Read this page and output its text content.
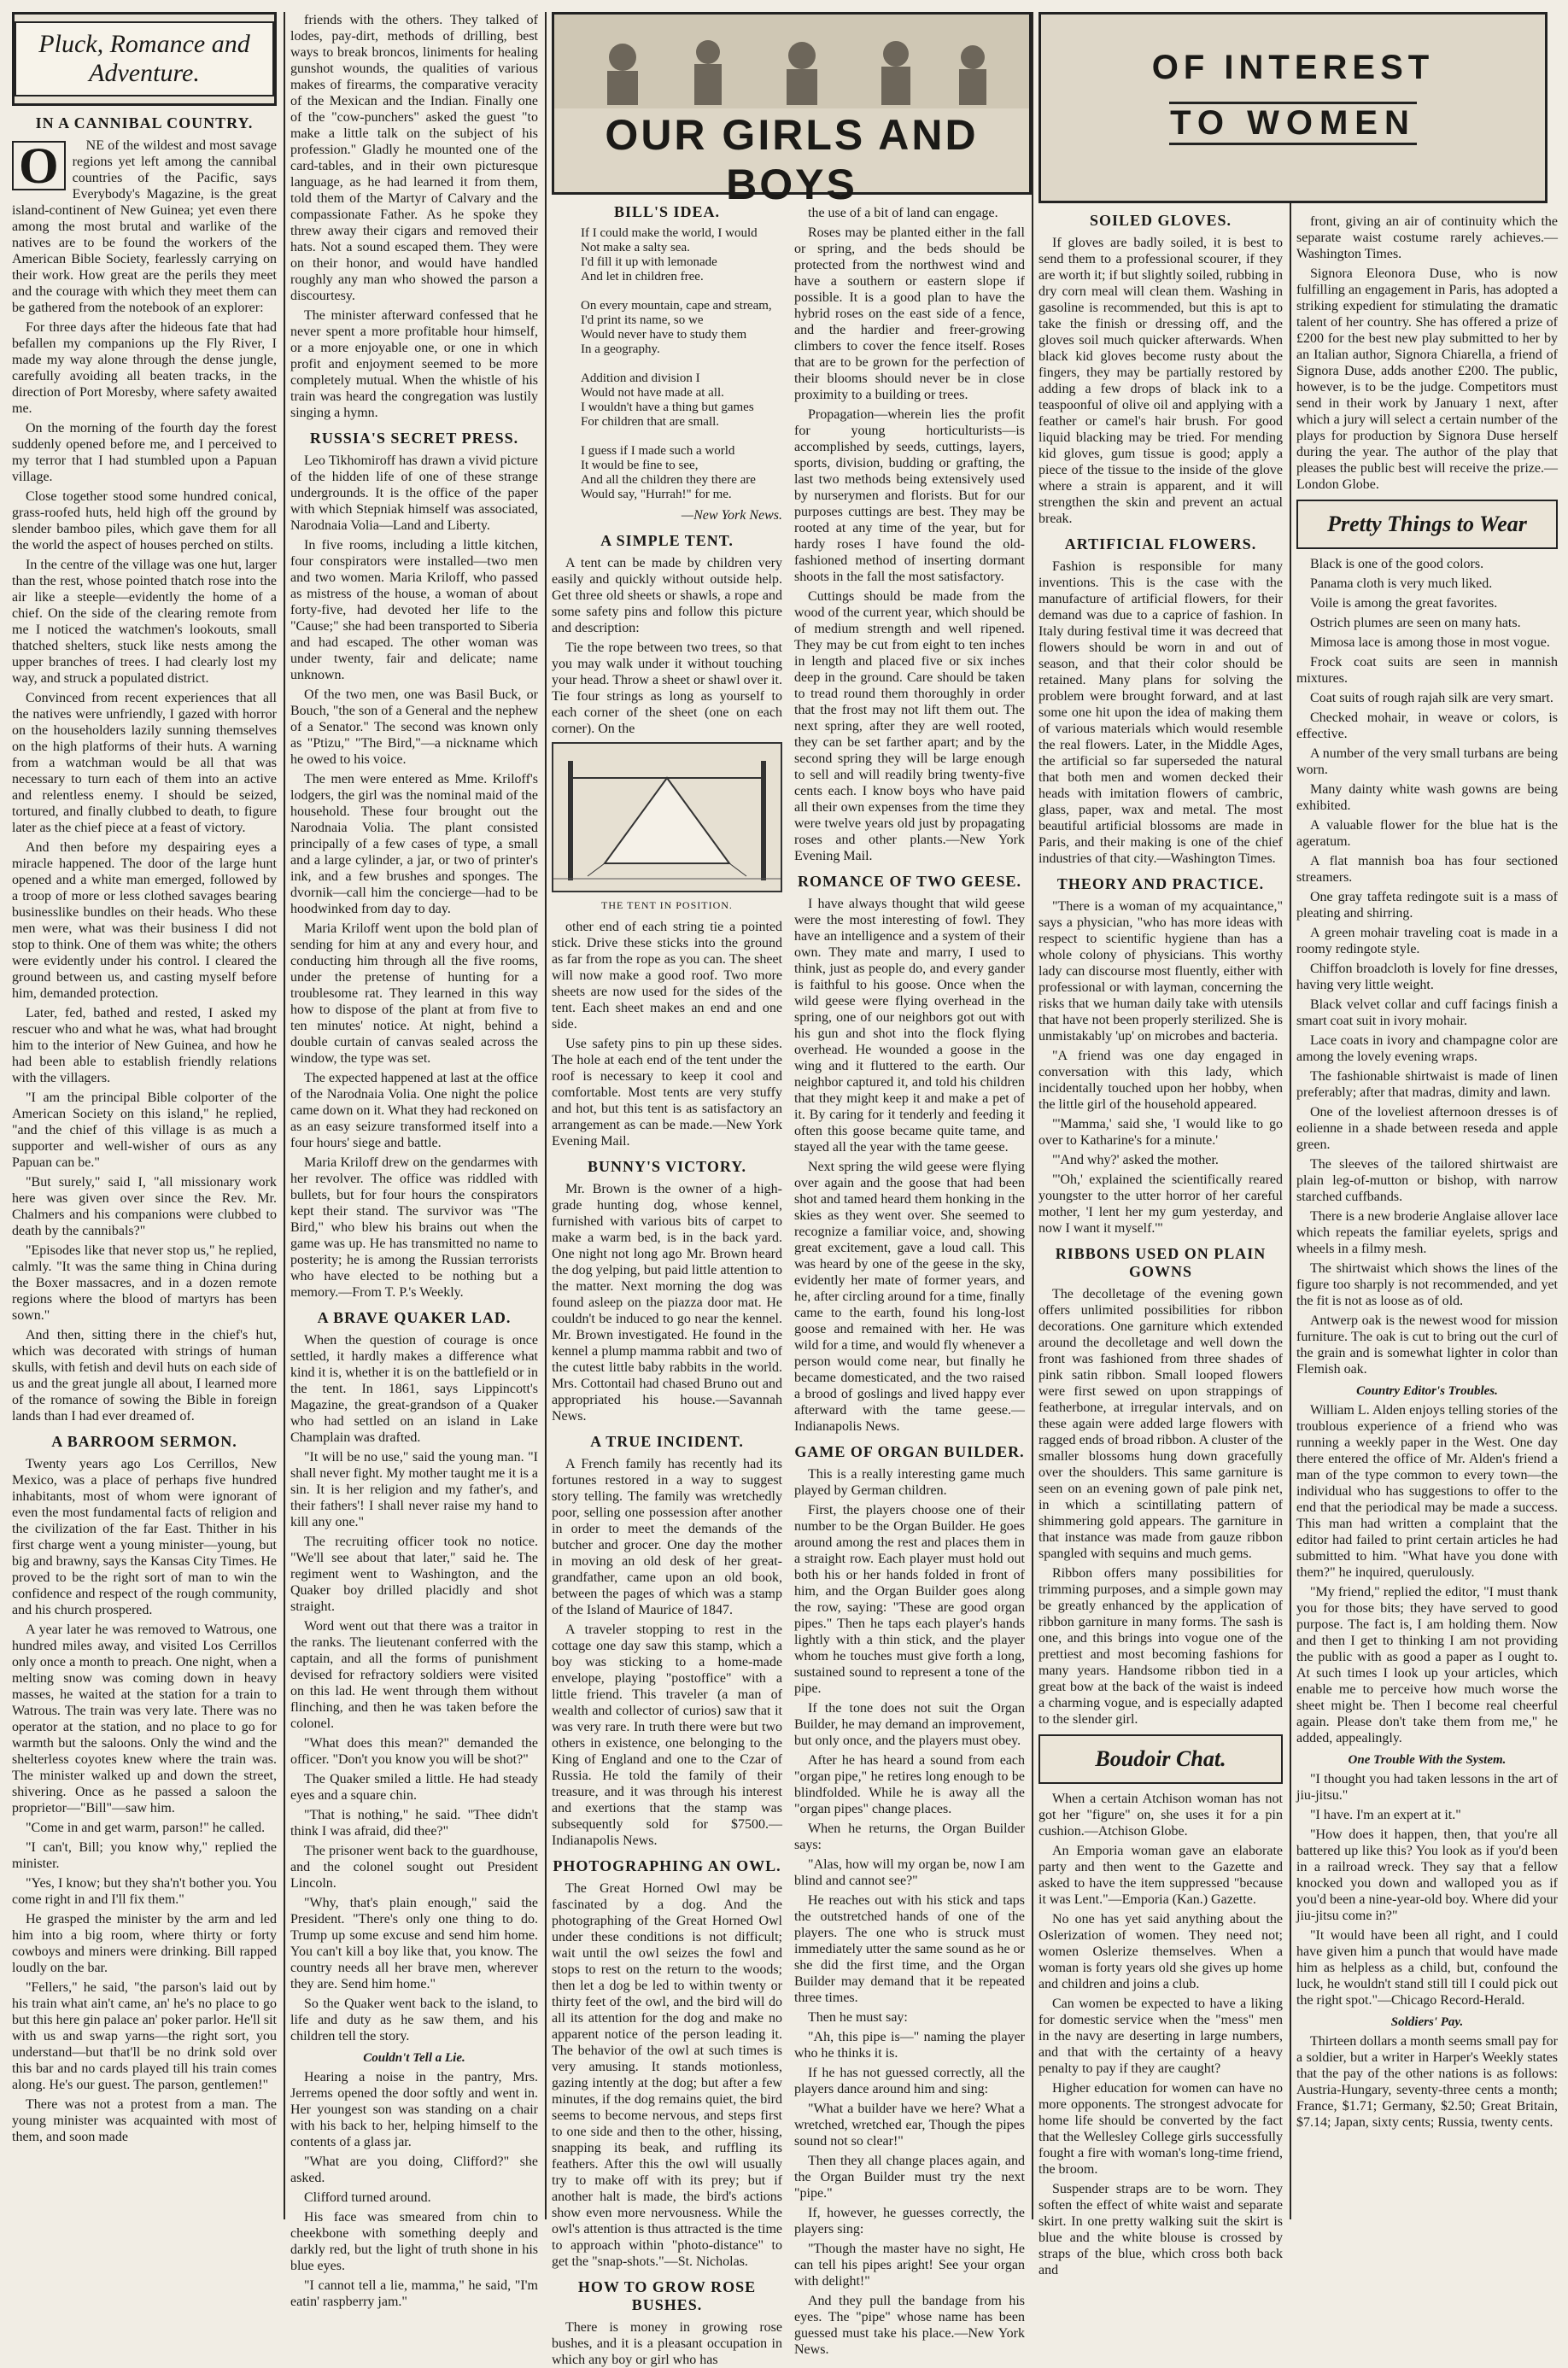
Pluck, Romance and Adventure.
IN A CANNIBAL COUNTRY.
O	NE of the wildest and most savage regions yet left among the cannibal countries of the Pacific, says Everybody's Magazine, is the great island-continent of New Guinea; yet even there among the most brutal and warlike of the natives are to be found the workers of the American Bible Society, fearlessly carrying on their work. How great are the perils they meet and the courage with which they meet them can be gathered from the notebook of an explorer:

For three days after the hideous fate that had befallen my companions up the Fly River, I made my way alone through the dense jungle, carefully avoiding all beaten tracks, in the direction of Port Moresby, where safety awaited me.

On the morning of the fourth day the forest suddenly opened before me, and I perceived to my terror that I had stumbled upon a Papuan village.

Close together stood some hundred conical, grass-roofed huts, held high off the ground by slender bamboo piles, which gave them for all the world the aspect of houses perched on stilts.

In the centre of the village was one hut, larger than the rest, whose pointed thatch rose into the air like a steeple—evidently the home of a chief. On the side of the clearing remote from me I noticed the watchmen's lookouts, small thatched shelters, stuck like nests among the upper branches of trees. I had clearly lost my way, and struck a populated district.

Convinced from recent experiences that all the natives were unfriendly, I gazed with horror on the householders lazily sunning themselves on the high platforms of their huts. A warning from a watchman would be all that was necessary to turn each of them into an active and relentless enemy. I should be seized, tortured, and finally clubbed to death, to figure later as the chief piece at a feast of victory.

And then before my despairing eyes a miracle happened. The door of the large hunt opened and a white man emerged, followed by a troop of more or less clothed savages bearing businesslike bundles on their heads. Who these men were, what was their business I did not stop to think. One of them was white; the others were evidently under his control. I cleared the ground between us, and casting myself before him, demanded protection.

Later, fed, bathed and rested, I asked my rescuer who and what he was, what had brought him to the interior of New Guinea, and how he had been able to establish friendly relations with the villagers.

"I am the principal Bible colporter of the American Society on this island," he replied, "and the chief of this village is as much a supporter and well-wisher of ours as any Papuan can be."

"But surely," said I, "all missionary work here was given over since the Rev. Mr. Chalmers and his companions were clubbed to death by the cannibals?"

"Episodes like that never stop us," he replied, calmly. "It was the same thing in China during the Boxer massacres, and in a dozen remote regions where the blood of martyrs has been sown."

And then, sitting there in the chief's hut, which was decorated with strings of human skulls, with fetish and devil huts on each side of us and the great jungle all about, I learned more of the romance of sowing the Bible in foreign lands than I had ever dreamed of.

A BARROOM SERMON.

Twenty years ago Los Cerrillos, New Mexico, was a place of perhaps five hundred inhabitants, most of whom were ignorant of even the most fundamental facts of religion and the civilization of the far East. Thither in his first charge went a young minister—young, but big and brawny, says the Kansas City Times. He proved to be the right sort of man to win the confidence and respect of the rough community, and his church prospered.

A year later he was removed to Watrous, one hundred miles away, and visited Los Cerrillos only once a month to preach. One night, when a melting snow was coming down in heavy masses, he waited at the station for a train to Watrous. The train was very late. There was no operator at the station, and no place to go for warmth but the saloons. Only the wind and the shelterless coyotes knew where the train was. The minister walked up and down the street, shivering. Once as he passed a saloon the proprietor—"Bill"—saw him.

"Come in and get warm, parson!" he called.

"I can't, Bill; you know why," replied the minister.

"Yes, I know; but they sha'n't bother you. You come right in and I'll fix them."

He grasped the minister by the arm and led him into a big room, where thirty or forty cowboys and miners were drinking. Bill rapped loudly on the bar.

"Fellers," he said, "the parson's laid out by his train what ain't came, an' he's no place to go but this here gin palace an' poker parlor. He'll sit with us and swap yarns—the right sort, you understand—but that'll be no drink sold over this bar and no cards played till his train comes along. He's our guest. The parson, gentlemen!"

There was not a protest from a man. The young minister was acquainted with most of them, and soon made

friends with the others. They talked of lodes, pay-dirt, methods of drilling, best ways to break broncos, liniments for healing gunshot wounds, the qualities of various makes of firearms, the comparative veracity of the Mexican and the Indian. Finally one of the "cow-punchers" asked the guest "to make a little talk on the subject of his profession." Gladly he mounted one of the card-tables, and in their own picturesque language, as he had learned it from them, told them of the Martyr of Calvary and the compassionate Father. As he spoke they threw away their cigars and removed their hats. Not a sound escaped them. They were on their honor, and would have handled roughly any man who showed the parson a discourtesy.

The minister afterward confessed that he never spent a more profitable hour himself, or a more enjoyable one, or one in which profit and enjoyment seemed to be more completely mutual. When the whistle of his train was heard the congregation was lustily singing a hymn.

RUSSIA'S SECRET PRESS.

Leo Tikhomiroff has drawn a vivid picture of the hidden life of one of these strange undergrounds. It is the office of the paper with which Stepniak himself was associated, Narodnaia Volia—Land and Liberty.

In five rooms, including a little kitchen, four conspirators were installed—two men and two women. Maria Kriloff, who passed as mistress of the house, a woman of about forty-five, had devoted her life to the "Cause;" she had been transported to Siberia and had escaped. The other woman was under twenty, fair and delicate; name unknown.

Of the two men, one was Basil Buck, or Bouch, "the son of a General and the nephew of a Senator." The second was known only as "Ptizu," "The Bird,"—a nickname which he owed to his voice.

The men were entered as Mme. Kriloff's lodgers, the girl was the nominal maid of the household. These four brought out the Narodnaia Volia. The plant consisted principally of a few cases of type, a small and a large cylinder, a jar, or two of printer's ink, and a few brushes and sponges. The dvornik—call him the concierge—had to be hoodwinked from day to day.

Maria Kriloff went upon the bold plan of sending for him at any and every hour, and conducting him through all the five rooms, under the pretense of hunting for a troublesome rat. They learned in this way how to dispose of the plant at from five to ten minutes' notice. At night, behind a double curtain of canvas sealed across the window, the type was set.

The expected happened at last at the office of the Narodnaia Volia. One night the police came down on it. What they had reckoned on as an easy seizure transformed itself into a four hours' siege and battle.

Maria Kriloff drew on the gendarmes with her revolver. The office was riddled with bullets, but for four hours the conspirators kept their stand. The survivor was "The Bird," who blew his brains out when the game was up. He has transmitted no name to posterity; he is among the Russian terrorists who have elected to be nothing but a memory.—From T. P.'s Weekly.

A BRAVE QUAKER LAD.

When the question of courage is once settled, it hardly makes a difference what kind it is, whether it is on the battlefield or in the tent. In 1861, says Lippincott's Magazine, the great-grandson of a Quaker who had settled on an island in Lake Champlain was drafted.

"It will be no use," said the young man. "I shall never fight. My mother taught me it is a sin. It is her religion and my father's, and their fathers'! I shall never raise my hand to kill any one."

The recruiting officer took no notice. "We'll see about that later," said he. The regiment went to Washington, and the Quaker boy drilled placidly and shot straight.

Word went out that there was a traitor in the ranks. The lieutenant conferred with the captain, and all the forms of punishment devised for refractory soldiers were visited on this lad. He went through them without flinching, and then he was taken before the colonel.

"What does this mean?" demanded the officer. "Don't you know you will be shot?"

The Quaker smiled a little. He had steady eyes and a square chin.

"That is nothing," he said. "Thee didn't think I was afraid, did thee?"

The prisoner went back to the guardhouse, and the colonel sought out President Lincoln.

"Why, that's plain enough," said the President. "There's only one thing to do. Trump up some excuse and send him home. You can't kill a boy like that, you know. The country needs all her brave men, wherever they are. Send him home."

So the Quaker went back to the island, to life and duty as he saw them, and his children tell the story.

Couldn't Tell a Lie.

Hearing a noise in the pantry, Mrs. Jerrems opened the door softly and went in. Her youngest son was standing on a chair with his back to her, helping himself to the contents of a glass jar.

"What are you doing, Clifford?" she asked.

Clifford turned around.

His face was smeared from chin to cheekbone with something deeply and darkly red, but the light of truth shone in his blue eyes.

"I cannot tell a lie, mamma," he said, "I'm eatin' raspberry jam."

OUR GIRLS AND BOYS
BILL'S IDEA.
If I could make the world, I would
Not make a salty sea.
I'd fill it up with lemonade
And let in children free.

On every mountain, cape and stream,
I'd print its name, so we
Would never have to study them
In a geography.

Addition and division I
Would not have made at all.
I wouldn't have a thing but games
For children that are small.

I guess if I made such a world
It would be fine to see,
And all the children they there are
Would say, "Hurrah!" for me.

—New York News.

A SIMPLE TENT.

A tent can be made by children very easily and quickly without outside help. Get three old sheets or shawls, a rope and some safety pins and follow this picture and description:

Tie the rope between two trees, so that you may walk under it without touching your head. Throw a sheet or shawl over it. Tie four strings as long as yourself to each corner of the sheet (one on each corner). On the

THE TENT IN POSITION.

other end of each string tie a pointed stick. Drive these sticks into the ground as far from the rope as you can. The sheet will now make a good roof. Two more sheets are now used for the sides of the tent. Each sheet makes an end and one side.

Use safety pins to pin up these sides. The hole at each end of the tent under the roof is necessary to keep it cool and comfortable. Most tents are very stuffy and hot, but this tent is as satisfactory an arrangement as can be made.—New York Evening Mail.

BUNNY'S VICTORY.

Mr. Brown is the owner of a high-grade hunting dog, whose kennel, furnished with various bits of carpet to make a warm bed, is in the back yard. One night not long ago Mr. Brown heard the dog yelping, but paid little attention to the matter. Next morning the dog was found asleep on the piazza door mat. He couldn't be induced to go near the kennel. Mr. Brown investigated. He found in the kennel a plump mamma rabbit and two of the cutest little baby rabbits in the world. Mrs. Cottontail had chased Bruno out and appropriated his house.—Savannah News.

A TRUE INCIDENT.

A French family has recently had its fortunes restored in a way to suggest story telling. The family was wretchedly poor, selling one possession after another in order to meet the demands of the butcher and grocer. One day the mother in moving an old desk of her great-grandfather, came upon an old book, between the pages of which was a stamp of the Island of Maurice of 1847.

A traveler stopping to rest in the cottage one day saw this stamp, which a boy was sticking to a home-made envelope, playing "postoffice" with a little friend. This traveler (a man of wealth and collector of curios) saw that it was very rare. In truth there were but two others in existence, one belonging to the King of England and one to the Czar of Russia. He told the family of their treasure, and it was through his interest and exertions that the stamp was subsequently sold for $7500.—Indianapolis News.

PHOTOGRAPHING AN OWL.

The Great Horned Owl may be fascinated by a dog. And the photographing of the Great Horned Owl under these conditions is not difficult; wait until the owl seizes the fowl and stops to rest on the return to the woods; then let a dog be led to within twenty or thirty feet of the owl, and the bird will do all its attention for the dog and make no apparent notice of the person leading it. The behavior of the owl at such times is very amusing. It stands motionless, gazing intently at the dog; but after a few minutes, if the dog remains quiet, the bird seems to become nervous, and steps first to one side and then to the other, hissing, snapping its beak, and ruffling its feathers. After this the owl will usually try to make off with its prey; but if another halt is made, the bird's actions show even more nervousness. While the owl's attention is thus attracted is the time to approach within "photo-distance" to get the "snap-shots."—St. Nicholas.

HOW TO GROW ROSE BUSHES.

There is money in growing rose bushes, and it is a pleasant occupation in which any boy or girl who has

the use of a bit of land can engage.

Roses may be planted either in the fall or spring, and the beds should be protected from the northwest wind and have a southern or eastern slope if possible. It is a good plan to have the hybrid roses on the east side of a fence, and the hardier and freer-growing climbers to cover the fence itself. Roses that are to be grown for the perfection of their blooms should never be in close proximity to a building or trees.

Propagation—wherein lies the profit for young horticulturists—is accomplished by seeds, cuttings, layers, sports, division, budding or grafting, the last two methods being extensively used by nurserymen and florists. But for our purposes cuttings are best. They may be rooted at any time of the year, but for hardy roses I have found the old-fashioned method of inserting dormant shoots in the fall the most satisfactory.

Cuttings should be made from the wood of the current year, which should be of medium strength and well ripened. They may be cut from eight to ten inches in length and placed five or six inches deep in the ground. Care should be taken to tread round them thoroughly in order that the frost may not lift them out. The next spring, after they are well rooted, they can be set farther apart; and by the second spring they will be large enough to sell and will readily bring twenty-five cents each. I know boys who have paid all their own expenses from the time they were twelve years old just by propagating roses and other plants.—New York Evening Mail.

ROMANCE OF TWO GEESE.

I have always thought that wild geese were the most interesting of fowl. They have an intelligence and a system of their own. They mate and marry, I used to think, just as people do, and every gander is faithful to his goose. Once when the wild geese were flying overhead in the spring, one of our neighbors got out with his gun and shot into the flock flying overhead. He wounded a goose in the wing and it fluttered to the earth. Our neighbor captured it, and told his children that they might keep it and make a pet of it. By caring for it tenderly and feeding it often this goose became quite tame, and stayed all the year with the tame geese.

Next spring the wild geese were flying over again and the goose that had been shot and tamed heard them honking in the skies as they went over. She seemed to recognize a familiar voice, and, showing great excitement, gave a loud call. This was heard by one of the geese in the sky, evidently her mate of former years, and he, after circling around for a time, finally came to the earth, found his long-lost goose and remained with her. He was wild for a time, and would fly whenever a person would come near, but finally he became domesticated, and the two raised a brood of goslings and lived happy ever afterward with the tame geese.—Indianapolis News.

GAME OF ORGAN BUILDER.

This is a really interesting game much played by German children.

First, the players choose one of their number to be the Organ Builder. He goes around among the rest and places them in a straight row. Each player must hold out both his or her hands folded in front of him, and the Organ Builder goes along the row, saying: "These are good organ pipes." Then he taps each player's hands lightly with a thin stick, and the player whom he touches must give forth a long, sustained sound to represent a tone of the pipe.

If the tone does not suit the Organ Builder, he may demand an improvement, but only once, and the players must obey.

After he has heard a sound from each "organ pipe," he retires long enough to be blindfolded. While he is away all the "organ pipes" change places.

When he returns, the Organ Builder says:

"Alas, how will my organ be, now I am blind and cannot see?"

He reaches out with his stick and taps the outstretched hands of one of the players. The one who is struck must immediately utter the same sound as he or she did the first time, and the Organ Builder may demand that it be repeated three times.

Then he must say:

"Ah, this pipe is—" naming the player who he thinks it is.

If he has not guessed correctly, all the players dance around him and sing:

"What a builder have we here? What a wretched, wretched ear, Though the pipes sound not so clear!"

Then they all change places again, and the Organ Builder must try the next "pipe."

If, however, he guesses correctly, the players sing:

"Though the master have no sight, He can tell his pipes aright! See your organ with delight!"

And they pull the bandage from his eyes. The "pipe" whose name has been guessed must take his place.—New York News.

OF INTEREST
TO WOMEN
SOILED GLOVES.

If gloves are badly soiled, it is best to send them to a professional scourer, if they are worth it; if but slightly soiled, rubbing in dry corn meal will clean them. Washing in gasoline is recommended, but this is apt to take the finish or dressing off, and the gloves soil much quicker afterwards. When black kid gloves become rusty about the fingers, they may be partially restored by adding a few drops of black ink to a teaspoonful of olive oil and applying with a feather or camel's hair brush. For good liquid blacking may be tried. For mending kid gloves, gum tissue is good; apply a piece of the tissue to the inside of the glove where a strain is apparent, and it will strengthen the skin and prevent an actual break.

ARTIFICIAL FLOWERS.

Fashion is responsible for many inventions. This is the case with the manufacture of artificial flowers, for their demand was due to a caprice of fashion. In Italy during festival time it was decreed that flowers should be worn in and out of season, and that their color should be retained. Many plans for solving the problem were brought forward, and at last some one hit upon the idea of making them of various materials which would resemble the real flowers. Later, in the Middle Ages, the artificial so far superseded the natural that both men and women decked their heads with imitation flowers of cambric, glass, paper, wax and metal. The most beautiful artificial blossoms are made in Paris, and their making is one of the chief industries of that city.—Washington Times.

THEORY AND PRACTICE.

"There is a woman of my acquaintance," says a physician, "who has more ideas with respect to scientific hygiene than has a whole colony of physicians. This worthy lady can discourse most fluently, either with professional or with layman, concerning the risks that we human daily take with utensils that have not been properly sterilized. She is unmistakably 'up' on microbes and bacteria.

"A friend was one day engaged in conversation with this lady, which incidentally touched upon her hobby, when the little girl of the household appeared.

"'Mamma,' said she, 'I would like to go over to Katharine's for a minute.'

"'And why?' asked the mother.

"'Oh,' explained the scientifically reared youngster to the utter horror of her careful mother, 'I lent her my gum yesterday, and now I want it myself.'"

RIBBONS USED ON PLAIN GOWNS

The decolletage of the evening gown offers unlimited possibilities for ribbon decorations. One garniture which extended around the decolletage and well down the front was fashioned from three shades of pink satin ribbon. Small looped flowers were first sewed on upon strappings of featherbone, at irregular intervals, and on these again were added large flowers with ragged ends of broad ribbon. A cluster of the smaller blossoms hung down gracefully over the shoulders. This same garniture is seen on an evening gown of pale pink net, in which a scintillating pattern of shimmering gold appears. The garniture in that instance was made from gauze ribbon spangled with sequins and much gems.

Ribbon offers many possibilities for trimming purposes, and a simple gown may be greatly enhanced by the application of ribbon garniture in many forms. The sash is one, and this brings into vogue one of the prettiest and most becoming fashions for many years. Handsome ribbon tied in a great bow at the back of the waist is indeed a charming vogue, and is especially adapted to the slender girl.

Boudoir Chat.

When a certain Atchison woman has not got her "figure" on, she uses it for a pin cushion.—Atchison Globe.

An Emporia woman gave an elaborate party and then went to the Gazette and asked to have the item suppressed "because it was Lent."—Emporia (Kan.) Gazette.

No one has yet said anything about the Oslerization of women. They need not; women Oslerize themselves. When a woman is forty years old she gives up home and children and joins a club.

Can women be expected to have a liking for domestic service when the "mess" men in the navy are deserting in large numbers, and that with the certainty of a heavy penalty to pay if they are caught?

Higher education for women can have no more opponents. The strongest advocate for home life should be converted by the fact that the Wellesley College girls successfully fought a fire with woman's long-time friend, the broom.

Suspender straps are to be worn. They soften the effect of white waist and separate skirt. In one pretty walking suit the skirt is blue and the white blouse is crossed by straps of the blue, which cross both back and

front, giving an air of continuity which the separate waist costume rarely achieves.—Washington Times.

Signora Eleonora Duse, who is now fulfilling an engagement in Paris, has adopted a striking expedient for stimulating the dramatic talent of her country. She has offered a prize of £200 for the best new play submitted to her by an Italian author, Signora Chiarella, a friend of Signora Duse, adds another £200. The public, however, is to be the judge. Competitors must send in their work by January 1 next, after which a jury will select a certain number of the plays for production by Signora Duse herself during the year. The author of the play that pleases the public best will receive the prize.—London Globe.

Pretty Things to Wear

Black is one of the good colors.

Panama cloth is very much liked.

Voile is among the great favorites.

Ostrich plumes are seen on many hats.

Mimosa lace is among those in most vogue.

Frock coat suits are seen in mannish mixtures.

Coat suits of rough rajah silk are very smart.

Checked mohair, in weave or colors, is effective.

A number of the very small turbans are being worn.

Many dainty white wash gowns are being exhibited.

A valuable flower for the blue hat is the ageratum.

A flat mannish boa has four sectioned streamers.

One gray taffeta redingote suit is a mass of pleating and shirring.

A green mohair traveling coat is made in a roomy redingote style.

Chiffon broadcloth is lovely for fine dresses, having very little weight.

Black velvet collar and cuff facings finish a smart coat suit in ivory mohair.

Lace coats in ivory and champagne color are among the lovely evening wraps.

The fashionable shirtwaist is made of linen preferably; after that madras, dimity and lawn.

One of the loveliest afternoon dresses is of eolienne in a shade between reseda and apple green.

The sleeves of the tailored shirtwaist are plain leg-of-mutton or bishop, with narrow starched cuffbands.

There is a new broderie Anglaise allover lace which repeats the familiar eyelets, sprigs and wheels in a filmy mesh.

The shirtwaist which shows the lines of the figure too sharply is not recommended, and yet the fit is not as loose as of old.

Antwerp oak is the newest wood for mission furniture. The oak is cut to bring out the curl of the grain and is somewhat lighter in color than Flemish oak.

Country Editor's Troubles.

William L. Alden enjoys telling stories of the troublous experience of a friend who was running a weekly paper in the West. One day there entered the office of Mr. Alden's friend a man of the type common to every town—the individual who has suggestions to offer to the end that the periodical may be made a success. This man had written a complaint that the editor had failed to print certain articles he had submitted to him. "What have you done with them?" he inquired, querulously.

"My friend," replied the editor, "I must thank you for those bits; they have served to good purpose. The fact is, I am holding them. Now and then I get to thinking I am not providing the public with as good a paper as I ought to. At such times I look up your articles, which enable me to perceive how much worse the sheet might be. Then I become real cheerful again. Please don't take them from me," he added, appealingly.

One Trouble With the System.

"I thought you had taken lessons in the art of jiu-jitsu."

"I have. I'm an expert at it."

"How does it happen, then, that you're all battered up like this? You look as if you'd been in a railroad wreck. They say that a fellow knocked you down and walloped you as if you'd been a nine-year-old boy. Where did your jiu-jitsu come in?"

"It would have been all right, and I could have given him a punch that would have made him as helpless as a child, but, confound the luck, he wouldn't stand still till I could pick out the right spot."—Chicago Record-Herald.

Soldiers' Pay.

Thirteen dollars a month seems small pay for a soldier, but a writer in Harper's Weekly states that the pay of the other nations is as follows: Austria-Hungary, seventy-three cents a month; France, $1.71; Germany, $2.50; Great Britain, $7.14; Japan, sixty cents; Russia, twenty cents.
